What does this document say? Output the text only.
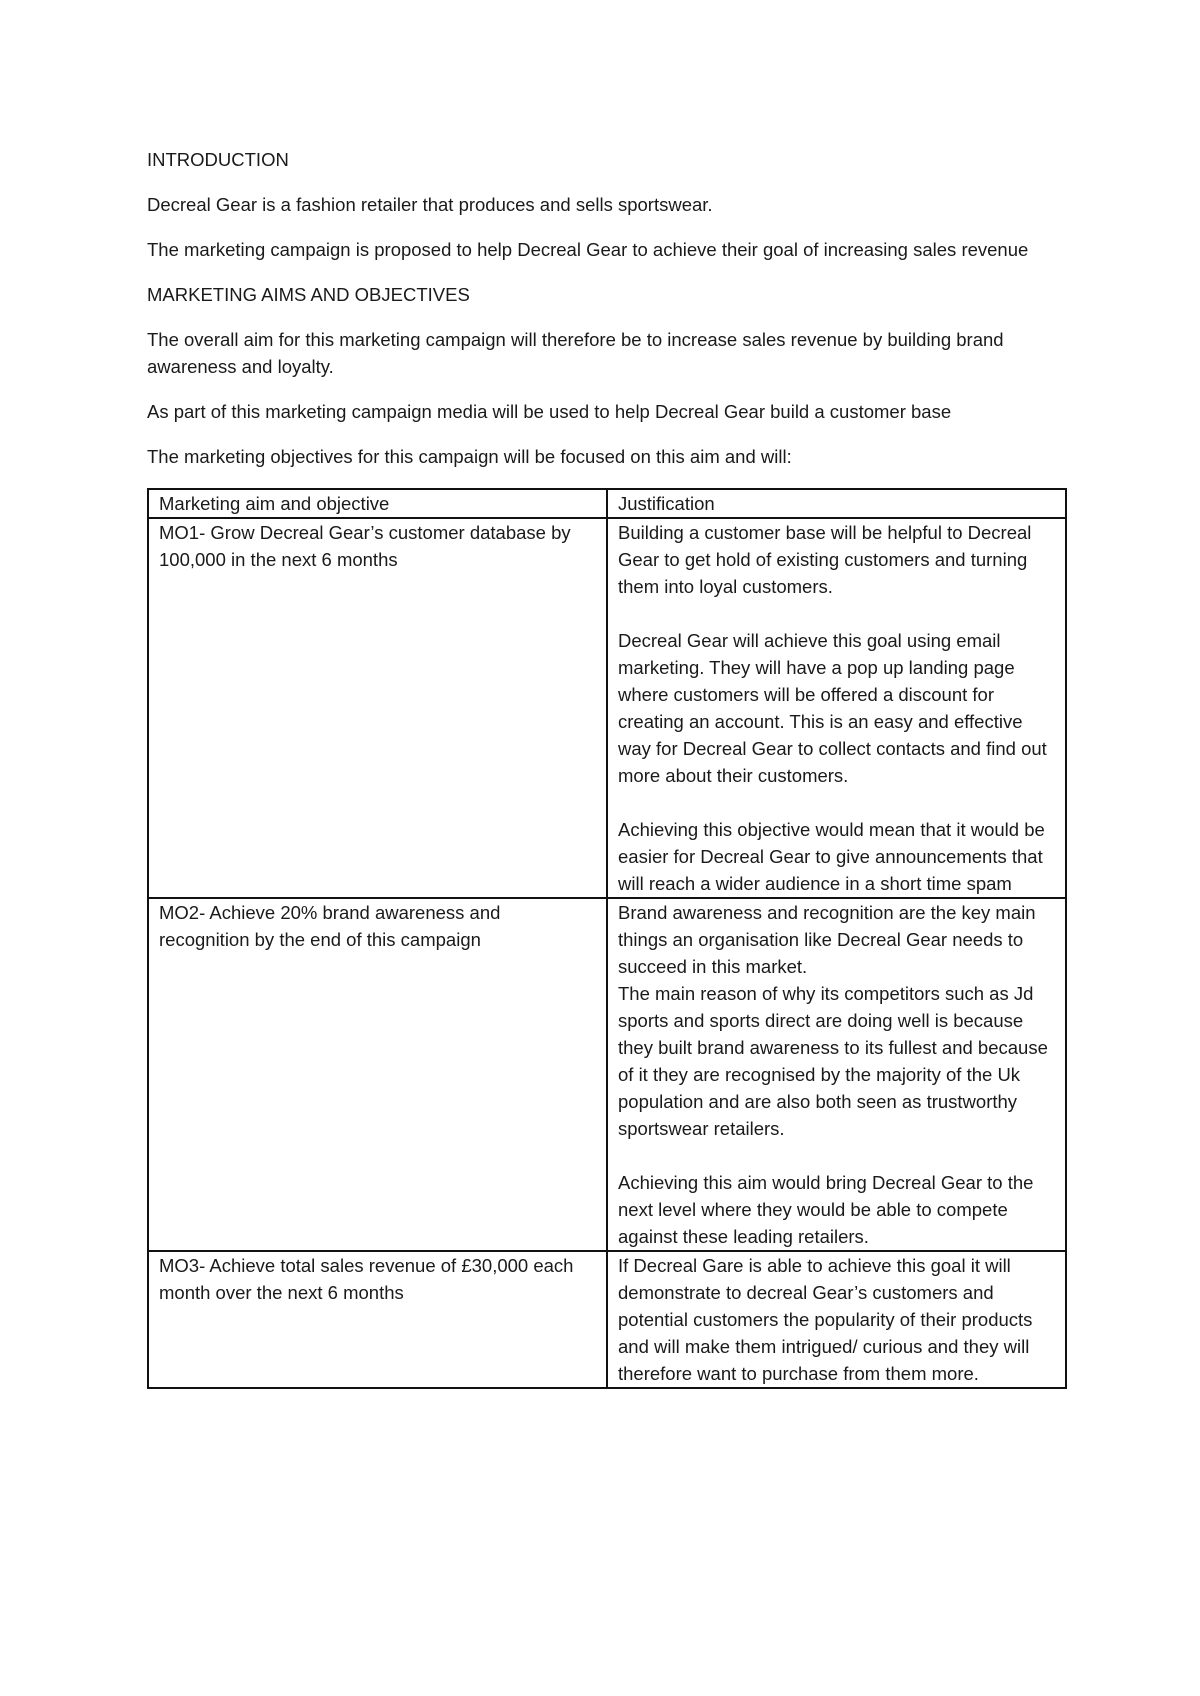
INTRODUCTION

Decreal Gear is a fashion retailer that produces and sells sportswear.

The marketing campaign is proposed to help Decreal Gear to achieve their goal of increasing sales revenue

MARKETING AIMS AND OBJECTIVES

The overall aim for this marketing campaign will therefore be to increase sales revenue by building brand awareness and loyalty.

As part of this marketing campaign media will be used to help Decreal Gear build a customer base

The marketing objectives for this campaign will be focused on this aim and will:

Marketing aim and objective	Justification
MO1- Grow Decreal Gear’s customer database by 100,000 in the next 6 months	Building a customer base will be helpful to Decreal Gear to get hold of existing customers and turning them into loyal customers.
Decreal Gear will achieve this goal using email marketing. They will have a pop up landing page where customers will be offered a discount for creating an account. This is an easy and effective way for Decreal Gear to collect contacts and find out more about their customers.
Achieving this objective would mean that it would be easier for Decreal Gear to give announcements that will reach a wider audience in a short time spam

MO2- Achieve 20% brand awareness and recognition by the end of this campaign	Brand awareness and recognition are the key main things an organisation like Decreal Gear needs to succeed in this market.
The main reason of why its competitors such as Jd sports and sports direct are doing well is because they built brand awareness to its fullest and because of it they are recognised by the majority of the Uk population and are also both seen as trustworthy sportswear retailers.
Achieving this aim would bring Decreal Gear to the next level where they would be able to compete against these leading retailers.

MO3- Achieve total sales revenue of £30,000 each month over the next 6 months	If Decreal Gare is able to achieve this goal it will demonstrate to decreal Gear’s customers and potential customers the popularity of their products and will make them intrigued/ curious and they will therefore want to purchase from them more.
